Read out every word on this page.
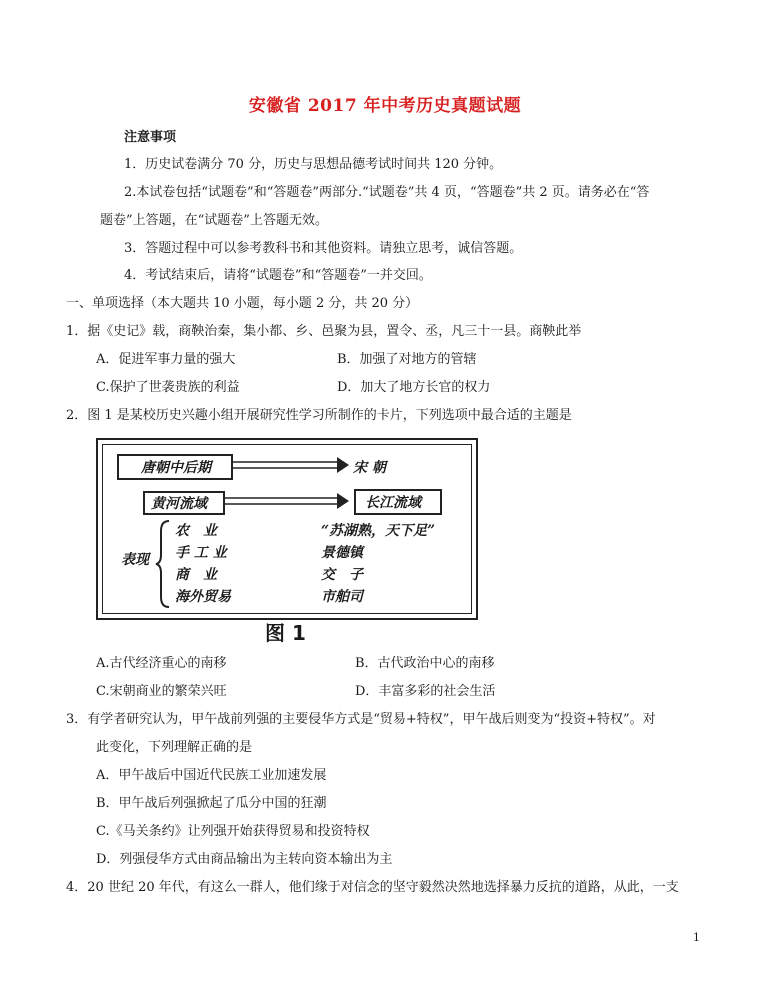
安徽省 2017 年中考历史真题试题
注意事项
1．历史试卷满分 70 分，历史与思想品德考试时间共 120 分钟。
2.本试卷包括“试题卷”和“答题卷”两部分.“试题卷”共 4 页，“答题卷”共 2 页。请务必在“答
题卷”上答题，在“试题卷”上答题无效。
3．答题过程中可以参考教科书和其他资料。请独立思考，诚信答题。
4．考试结束后，请将“试题卷”和“答题卷”一并交回。
一、单项选择（本大题共 10 小题，每小题 2 分，共 20 分）
1．据《史记》载，商鞅治秦，集小都、乡、邑聚为县，置令、丞，凡三十一县。商鞅此举
A．促进军事力量的强大	B．加强了对地方的管辖
C.保护了世袭贵族的利益	D．加大了地方长官的权力
2．图 1 是某校历史兴趣小组开展研究性学习所制作的卡片，下列选项中最合适的主题是
唐朝中后期	宋 朝
黄河流域	长江流域
表现
农　业	“苏湖熟，天下足”
手 工 业	景德镇
商　业	交　子
海外贸易	市舶司
图 1
A.古代经济重心的南移	B．古代政治中心的南移
C.宋朝商业的繁荣兴旺	D．丰富多彩的社会生活
3．有学者研究认为，甲午战前列强的主要侵华方式是“贸易+特权”，甲午战后则变为“投资+特权”。对
此变化，下列理解正确的是
A．甲午战后中国近代民族工业加速发展
B．甲午战后列强掀起了瓜分中国的狂潮
C.《马关条约》让列强开始获得贸易和投资特权
D．列强侵华方式由商品输出为主转向资本输出为主
4．20 世纪 20 年代，有这么一群人，他们缘于对信念的坚守毅然决然地选择暴力反抗的道路，从此，一支
1
